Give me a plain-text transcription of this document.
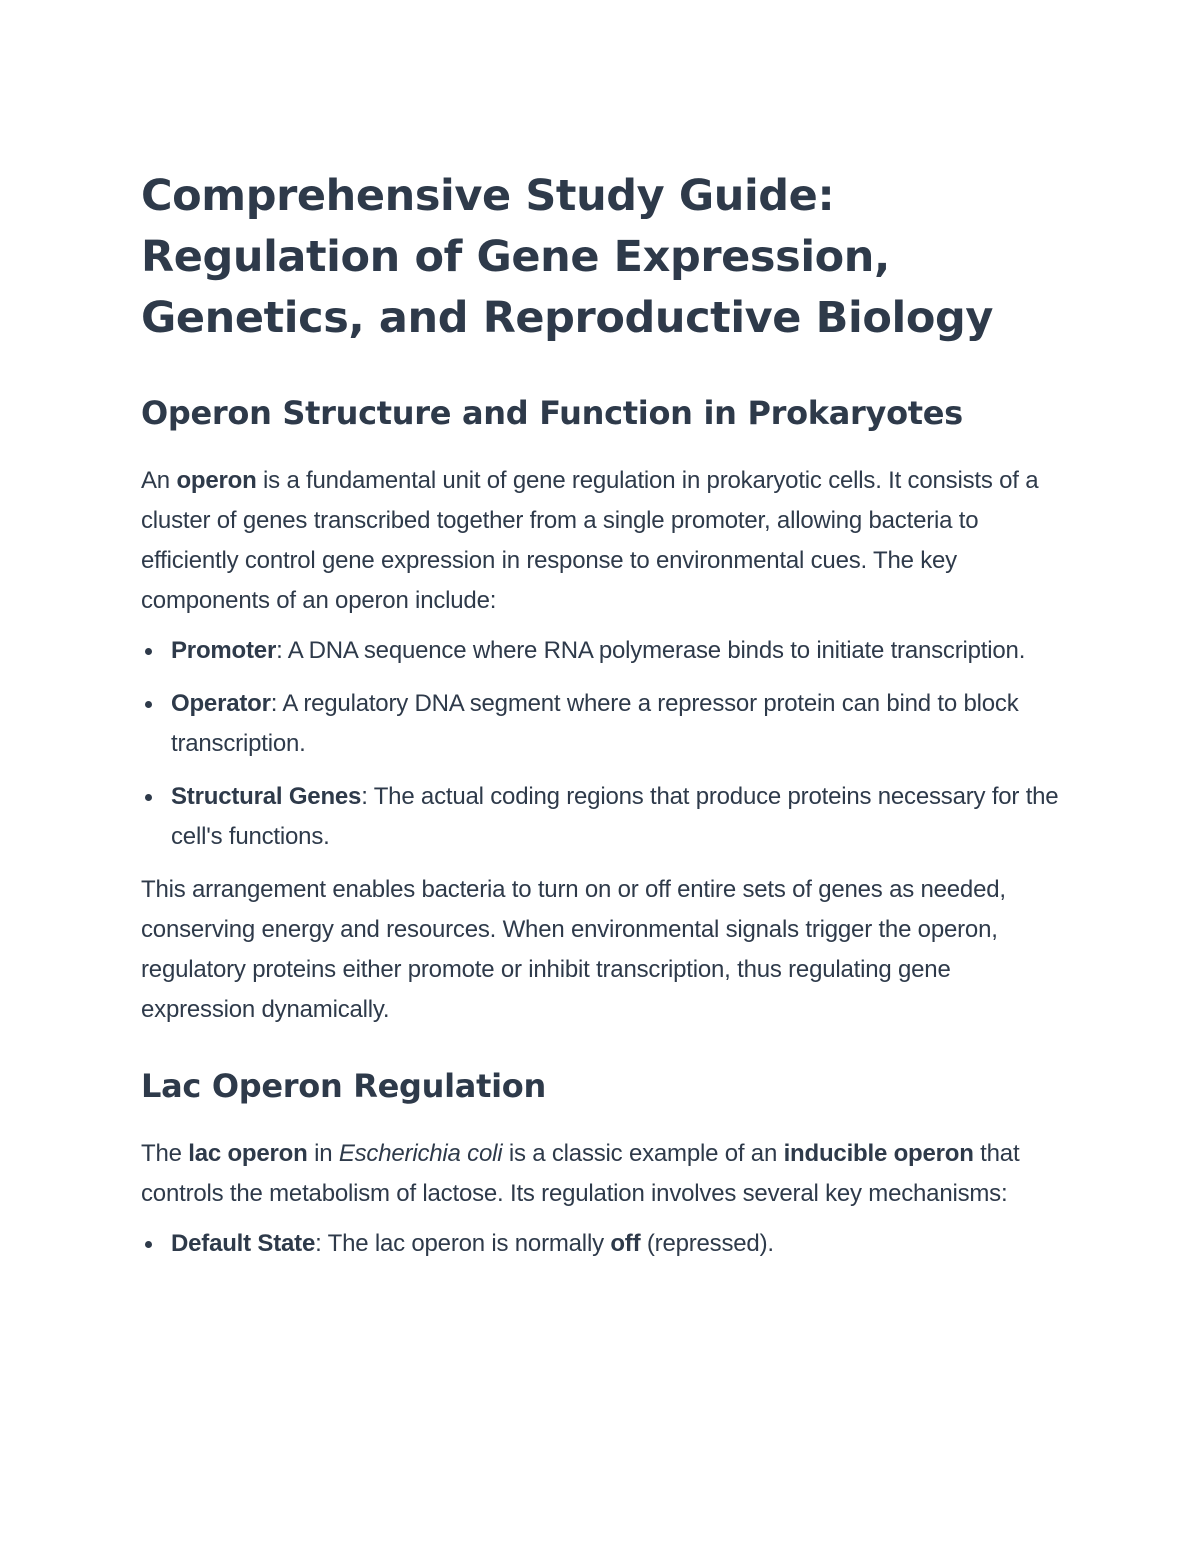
Comprehensive Study Guide: Regulation of Gene Expression, Genetics, and Reproductive Biology
Operon Structure and Function in Prokaryotes

An operon is a fundamental unit of gene regulation in prokaryotic cells. It consists of a cluster of genes transcribed together from a single promoter, allowing bacteria to efficiently control gene expression in response to environmental cues. The key components of an operon include:

Promoter: A DNA sequence where RNA polymerase binds to initiate transcription.
Operator: A regulatory DNA segment where a repressor protein can bind to block transcription.
Structural Genes: The actual coding regions that produce proteins necessary for the cell's functions.

This arrangement enables bacteria to turn on or off entire sets of genes as needed, conserving energy and resources. When environmental signals trigger the operon, regulatory proteins either promote or inhibit transcription, thus regulating gene expression dynamically.

Lac Operon Regulation

The lac operon in Escherichia coli is a classic example of an inducible operon that controls the metabolism of lactose. Its regulation involves several key mechanisms:

Default State: The lac operon is normally off (repressed).
